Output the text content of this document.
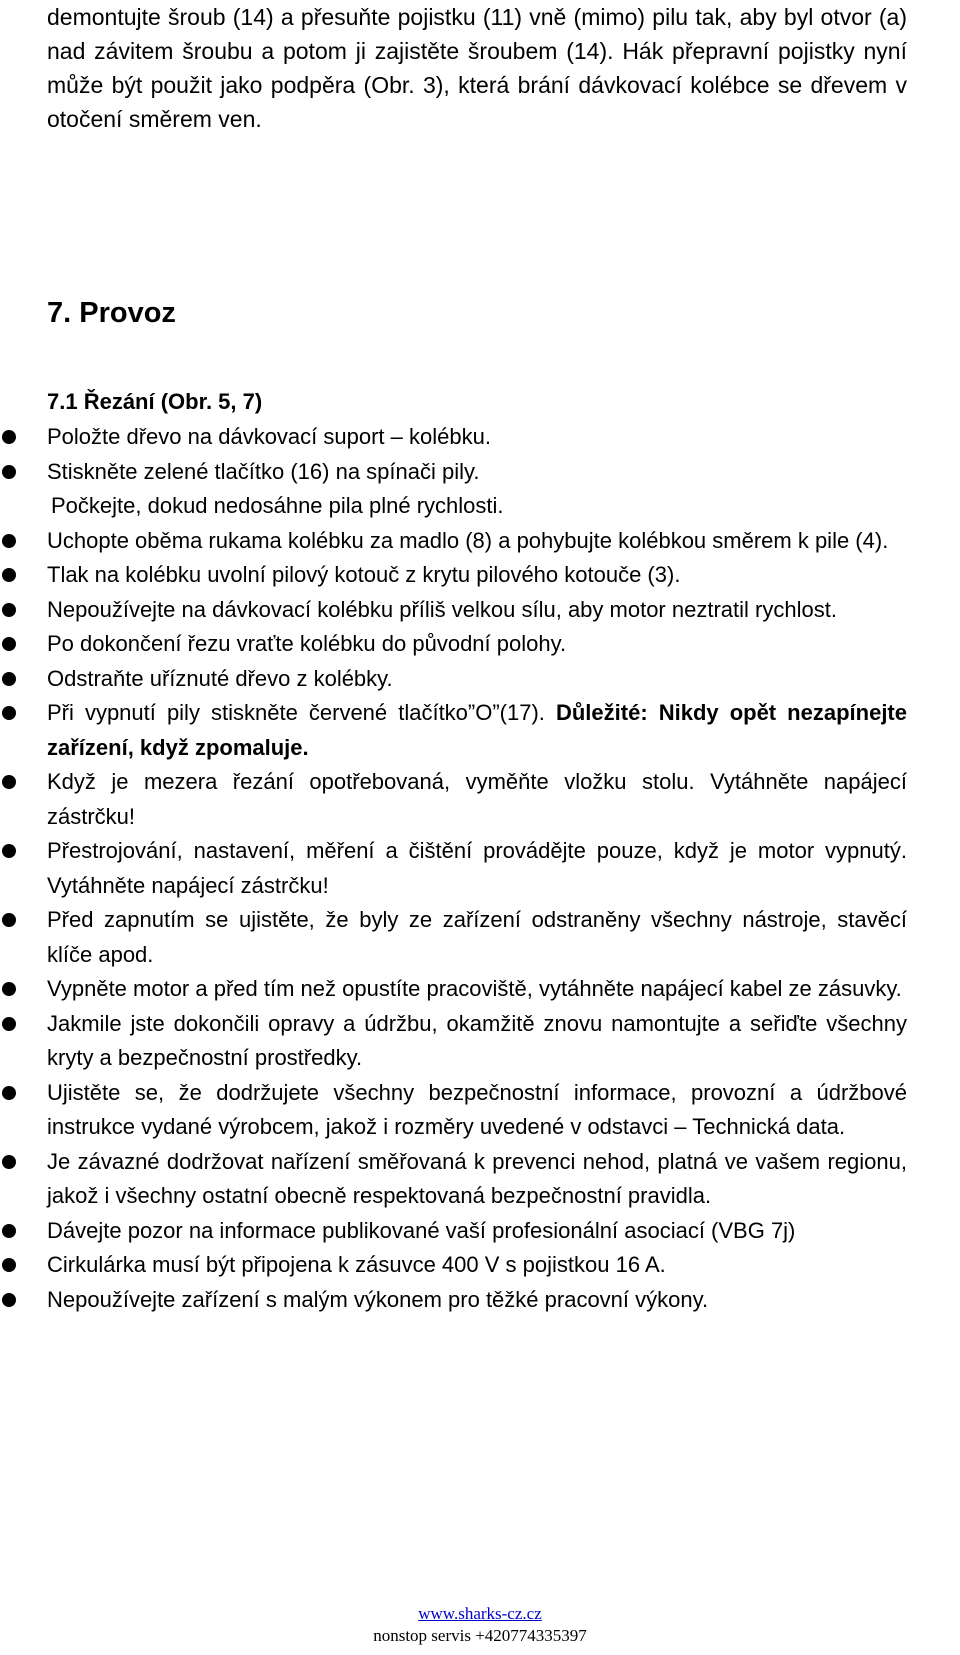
demontujte šroub (14) a přesuňte pojistku (11) vně (mimo) pilu tak, aby byl otvor (a) nad závitem šroubu a potom ji zajistěte šroubem (14). Hák přepravní pojistky nyní může být použit jako podpěra (Obr. 3), která brání dávkovací kolébce se dřevem v otočení směrem ven.

7. Provoz
7.1 Řezání (Obr. 5, 7)
Položte dřevo na dávkovací suport – kolébku.
Stiskněte zelené tlačítko (16) na spínači pily.
Počkejte, dokud nedosáhne pila plné rychlosti.
Uchopte oběma rukama kolébku za madlo (8) a pohybujte kolébkou směrem k pile (4).
Tlak na kolébku uvolní pilový kotouč z krytu pilového kotouče (3).
Nepoužívejte na dávkovací kolébku příliš velkou sílu, aby motor neztratil rychlost.
Po dokončení řezu vraťte kolébku do původní polohy.
Odstraňte uříznuté dřevo z kolébky.
Při vypnutí pily stiskněte červené tlačítko”O”(17). Důležité: Nikdy opět nezapínejte zařízení, když zpomaluje.
Když je mezera řezání opotřebovaná, vyměňte vložku stolu. Vytáhněte napájecí zástrčku!
Přestrojování, nastavení, měření a čištění provádějte pouze, když je motor vypnutý. Vytáhněte napájecí zástrčku!
Před zapnutím se ujistěte, že byly ze zařízení odstraněny všechny nástroje, stavěcí klíče apod.
Vypněte motor a před tím než opustíte pracoviště, vytáhněte napájecí kabel ze zásuvky.
Jakmile jste dokončili opravy a údržbu, okamžitě znovu namontujte a seřiďte všechny kryty a bezpečnostní prostředky.
Ujistěte se, že dodržujete všechny bezpečnostní informace, provozní a údržbové instrukce vydané výrobcem, jakož i rozměry uvedené v odstavci – Technická data.
Je závazné dodržovat nařízení směřovaná k prevenci nehod, platná ve vašem regionu, jakož i všechny ostatní obecně respektovaná bezpečnostní pravidla.
Dávejte pozor na informace publikované vaší profesionální asociací (VBG 7j)
Cirkulárka musí být připojena k zásuvce 400 V s pojistkou 16 A.
Nepoužívejte zařízení s malým výkonem pro těžké pracovní výkony.
www.sharks-cz.cz
nonstop servis +420774335397
